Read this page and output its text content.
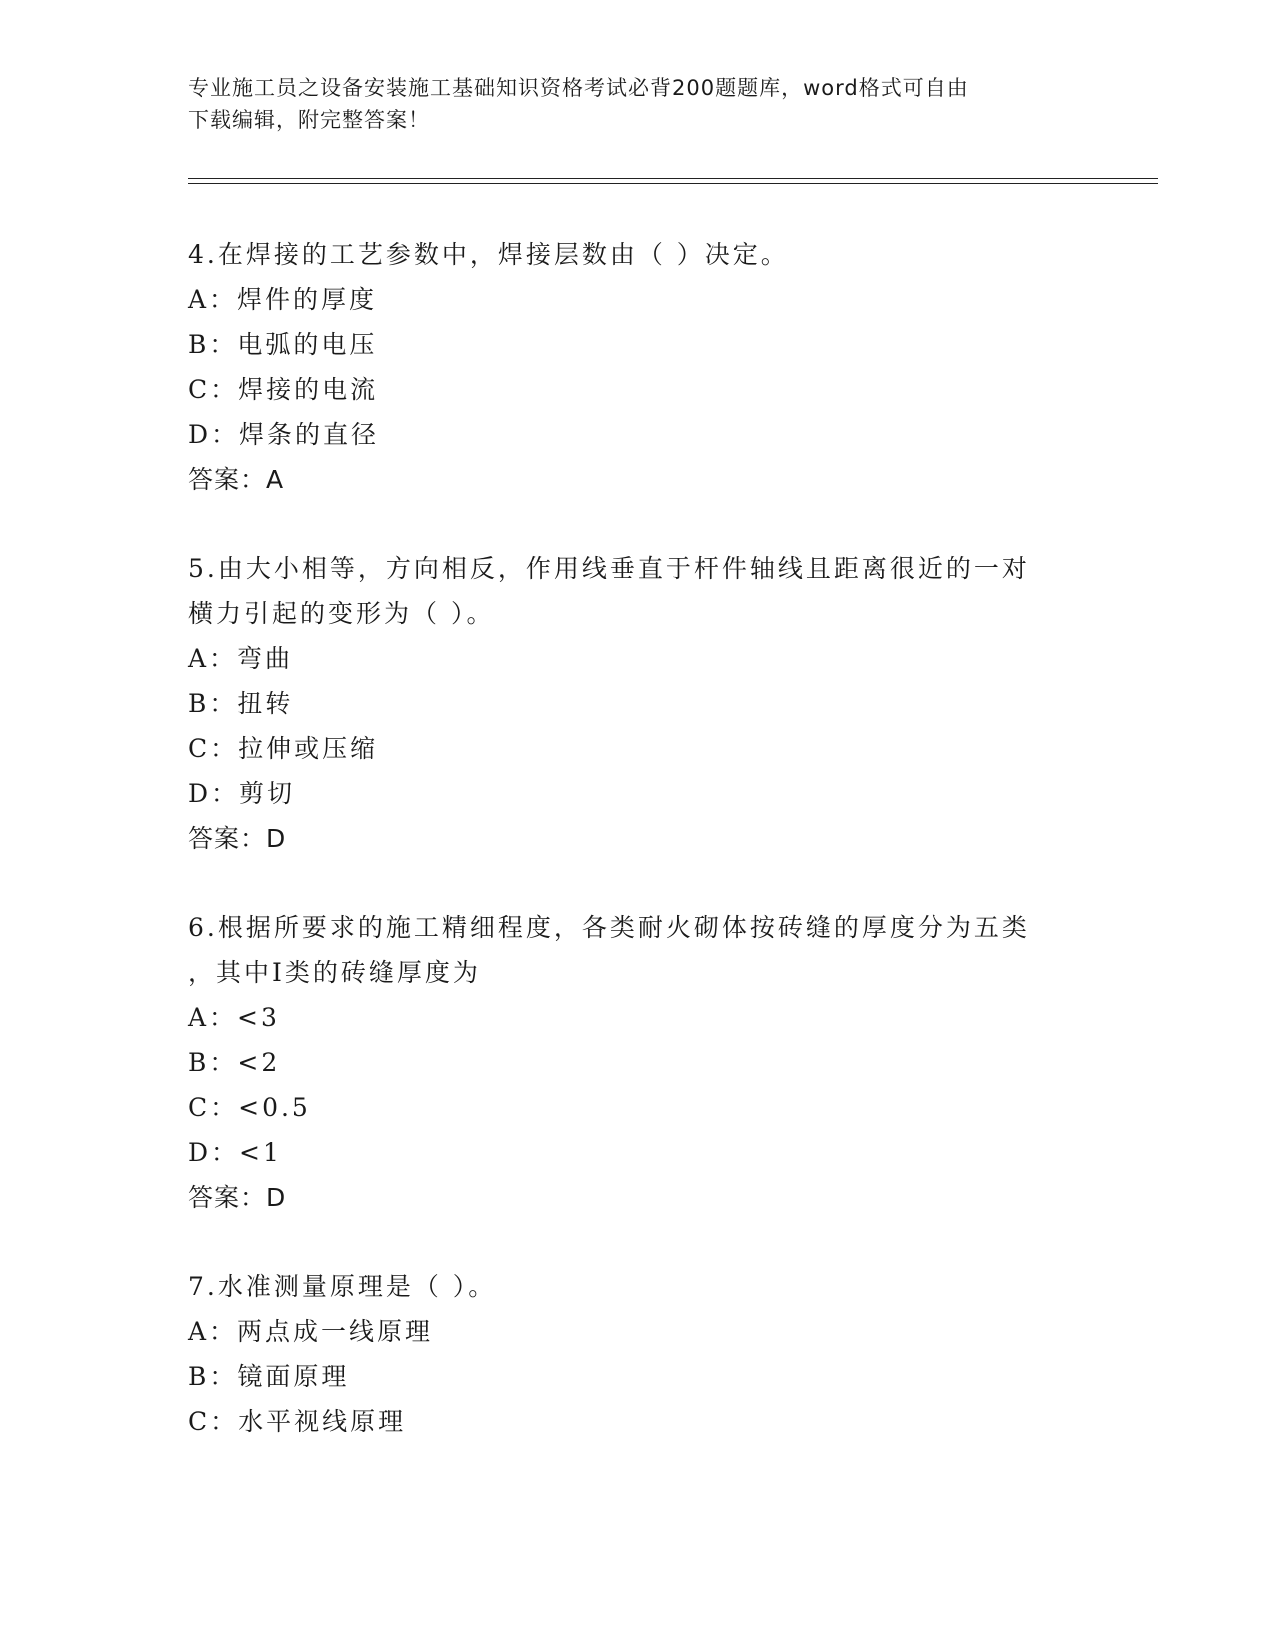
专业施工员之设备安装施工基础知识资格考试必背200题题库，word格式可自由
下载编辑，附完整答案！

4.在焊接的工艺参数中，焊接层数由（ ）决定。

A：焊件的厚度

B：电弧的电压

C：焊接的电流

D：焊条的直径

答案：A

5.由大小相等，方向相反，作用线垂直于杆件轴线且距离很近的一对

横力引起的变形为（ ）。

A：弯曲

B：扭转

C：拉伸或压缩

D：剪切

答案：D

6.根据所要求的施工精细程度，各类耐火砌体按砖缝的厚度分为五类

，其中I类的砖缝厚度为

A：<3

B：<2

C：<0.5

D：<1

答案：D

7.水准测量原理是（ ）。

A：两点成一线原理

B：镜面原理

C：水平视线原理
